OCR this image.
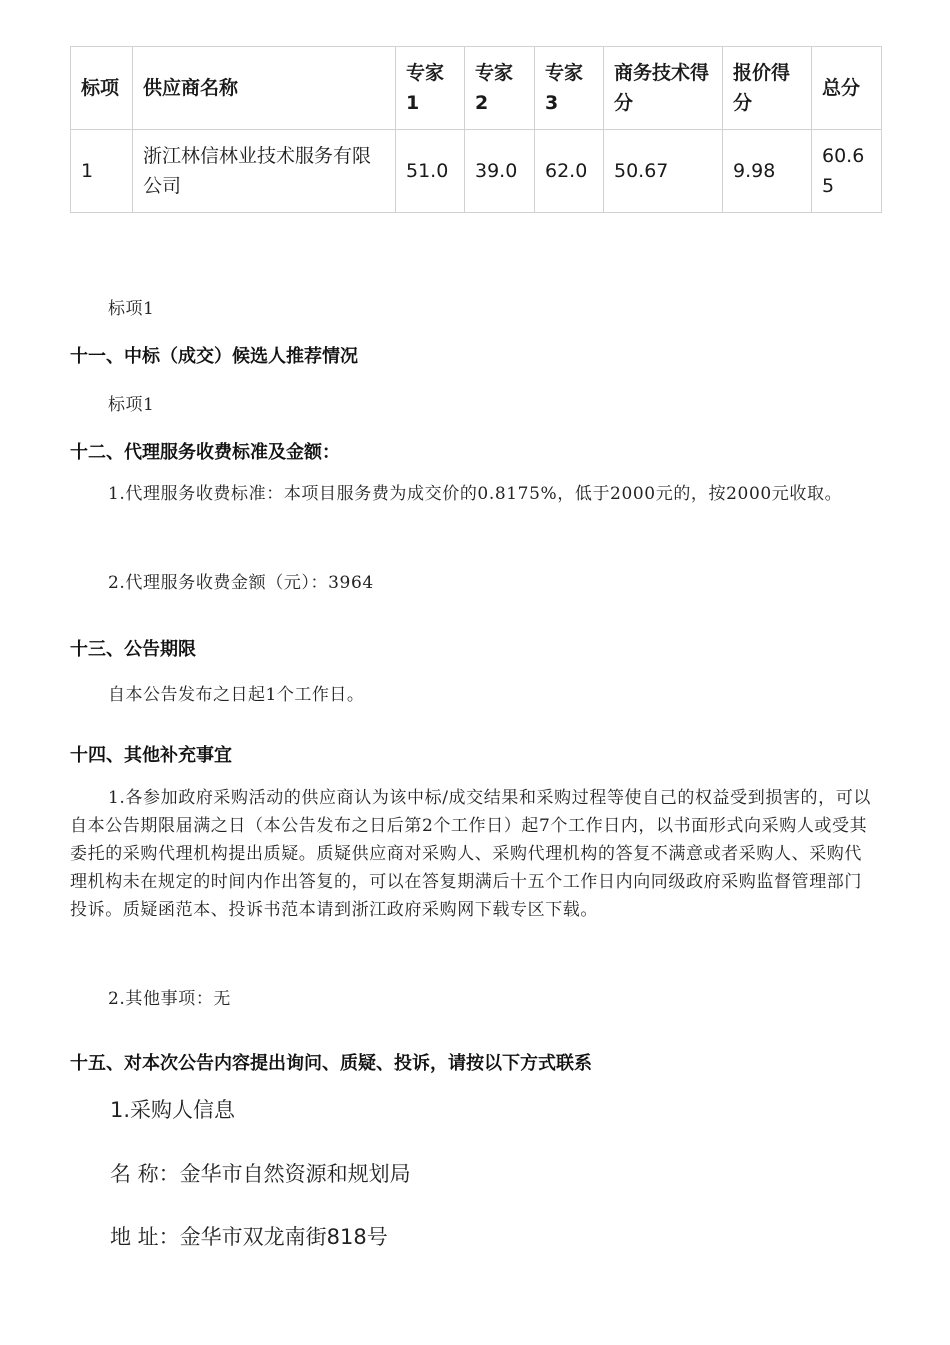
标项	供应商名称	专家1	专家2	专家3	商务技术得分	报价得分	总分
1	浙江林信林业技术服务有限公司	51.0	39.0	62.0	50.67	9.98	60.65
标项1
十一、中标（成交）候选人推荐情况
标项1
十二、代理服务收费标准及金额：
1.代理服务收费标准：本项目服务费为成交价的0.8175%，低于2000元的，按2000元收取。
2.代理服务收费金额（元）：3964
十三、公告期限
自本公告发布之日起1个工作日。
十四、其他补充事宜
1.各参加政府采购活动的供应商认为该中标/成交结果和采购过程等使自己的权益受到损害的，可以自本公告期限届满之日（本公告发布之日后第2个工作日）起7个工作日内，以书面形式向采购人或受其委托的采购代理机构提出质疑。质疑供应商对采购人、采购代理机构的答复不满意或者采购人、采购代理机构未在规定的时间内作出答复的，可以在答复期满后十五个工作日内向同级政府采购监督管理部门投诉。质疑函范本、投诉书范本请到浙江政府采购网下载专区下载。
2.其他事项：无
十五、对本次公告内容提出询问、质疑、投诉，请按以下方式联系
1.采购人信息
名 称：金华市自然资源和规划局
地 址：金华市双龙南街818号
